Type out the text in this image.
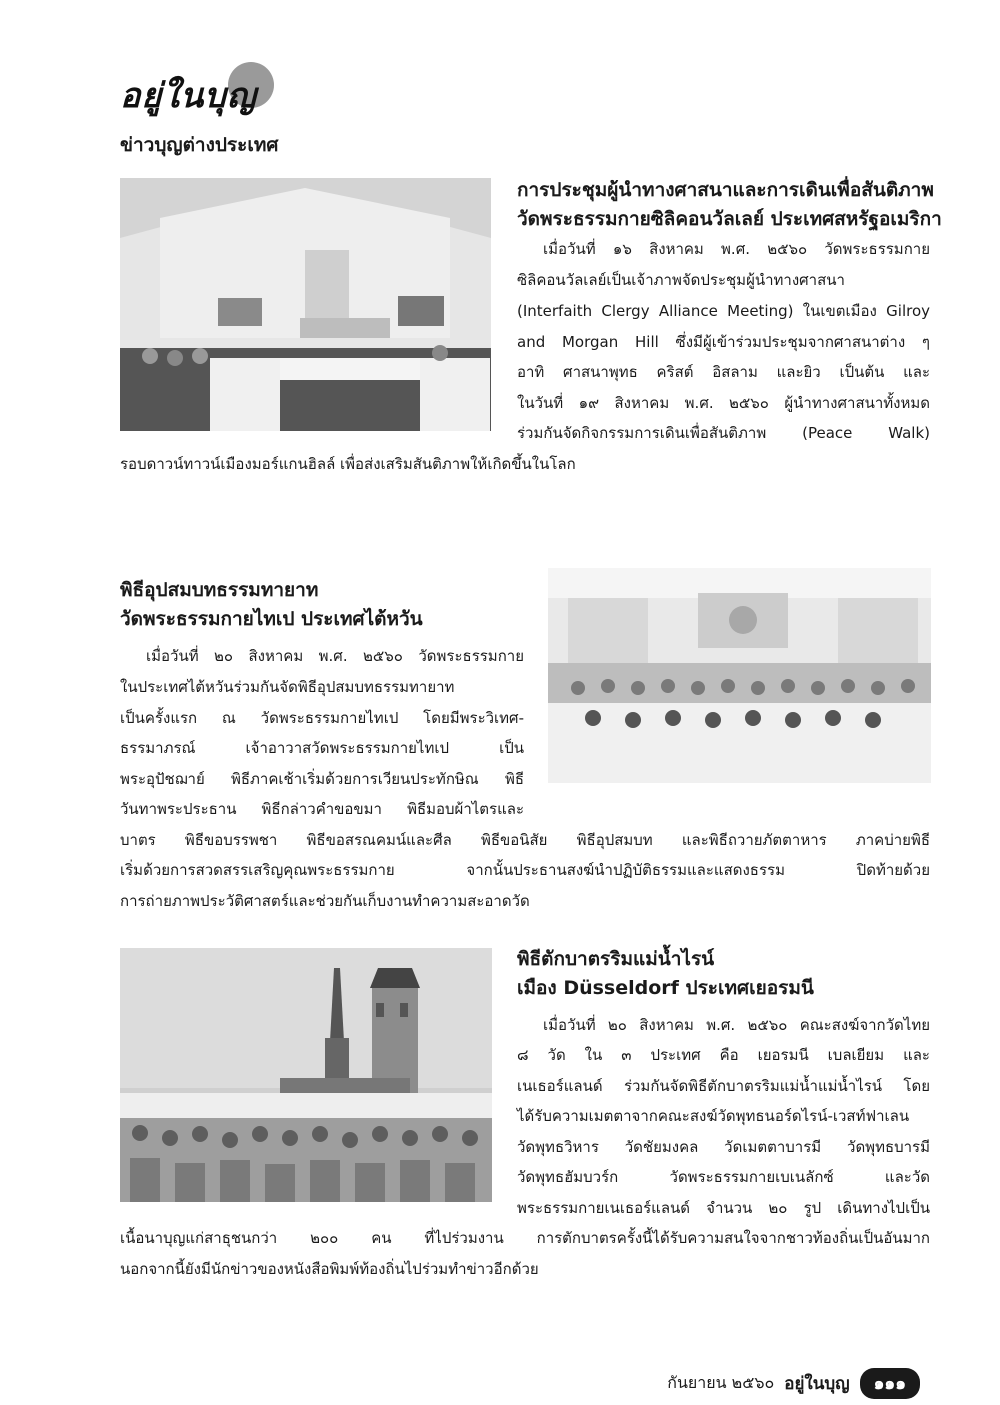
อยู่ในบุญ
ข่าวบุญต่างประเทศ
การประชุมผู้นำทางศาสนาและการเดินเพื่อสันติภาพ
วัดพระธรรมกายซิลิคอนวัลเลย์ ประเทศสหรัฐอเมริกา

เมื่อวันที่ ๑๖ สิงหาคม พ.ศ. ๒๕๖๐ วัดพระธรรมกาย

ซิลิคอนวัลเลย์เป็นเจ้าภาพจัดประชุมผู้นำทางศาสนา

(Interfaith Clergy Alliance Meeting) ในเขตเมือง Gilroy

and Morgan Hill ซึ่งมีผู้เข้าร่วมประชุมจากศาสนาต่าง ๆ

อาทิ ศาสนาพุทธ คริสต์ อิสลาม และยิว เป็นต้น และ

ในวันที่ ๑๙ สิงหาคม พ.ศ. ๒๕๖๐ ผู้นำทางศาสนาทั้งหมด

ร่วมกันจัดกิจกรรมการเดินเพื่อสันติภาพ (Peace Walk)

รอบดาวน์ทาวน์เมืองมอร์แกนฮิลล์ เพื่อส่งเสริมสันติภาพให้เกิดขึ้นในโลก

พิธีอุปสมบทธรรมทายาท
วัดพระธรรมกายไทเป ประเทศไต้หวัน

เมื่อวันที่ ๒๐ สิงหาคม พ.ศ. ๒๕๖๐ วัดพระธรรมกาย

ในประเทศไต้หวันร่วมกันจัดพิธีอุปสมบทธรรมทายาท

เป็นครั้งแรก ณ วัดพระธรรมกายไทเป โดยมีพระวิเทศ-

ธรรมาภรณ์ เจ้าอาวาสวัดพระธรรมกายไทเป เป็น

พระอุปัชฌาย์ พิธีภาคเช้าเริ่มด้วยการเวียนประทักษิณ พิธี

วันทาพระประธาน พิธีกล่าวคำขอขมา พิธีมอบผ้าไตรและ

บาตร พิธีขอบรรพชา พิธีขอสรณคมน์และศีล พิธีขอนิสัย พิธีอุปสมบท และพิธีถวายภัตตาหาร ภาคบ่ายพิธี

เริ่มด้วยการสวดสรรเสริญคุณพระธรรมกาย จากนั้นประธานสงฆ์นำปฏิบัติธรรมและแสดงธรรม ปิดท้ายด้วย

การถ่ายภาพประวัติศาสตร์และช่วยกันเก็บงานทำความสะอาดวัด

พิธีตักบาตรริมแม่น้ำไรน์
เมือง Düsseldorf ประเทศเยอรมนี

เมื่อวันที่ ๒๐ สิงหาคม พ.ศ. ๒๕๖๐ คณะสงฆ์จากวัดไทย

๘ วัด ใน ๓ ประเทศ คือ เยอรมนี เบลเยียม และ

เนเธอร์แลนด์ ร่วมกันจัดพิธีตักบาตรริมแม่น้ำแม่น้ำไรน์ โดย

ได้รับความเมตตาจากคณะสงฆ์วัดพุทธนอร์ดไรน์-เวสท์ฟาเลน

วัดพุทธวิหาร วัดชัยมงคล วัดเมตตาบารมี วัดพุทธบารมี

วัดพุทธฮัมบวร์ก วัดพระธรรมกายเบเนลักซ์ และวัด

พระธรรมกายเนเธอร์แลนด์ จำนวน ๒๐ รูป เดินทางไปเป็น

เนื้อนาบุญแก่สาธุชนกว่า ๒๐๐ คน ที่ไปร่วมงาน การตักบาตรครั้งนี้ได้รับความสนใจจากชาวท้องถิ่นเป็นอันมาก

นอกจากนี้ยังมีนักข่าวของหนังสือพิมพ์ท้องถิ่นไปร่วมทำข่าวอีกด้วย

กันยายน ๒๕๖๐ อยู่ในบุญ	๑๑๑
